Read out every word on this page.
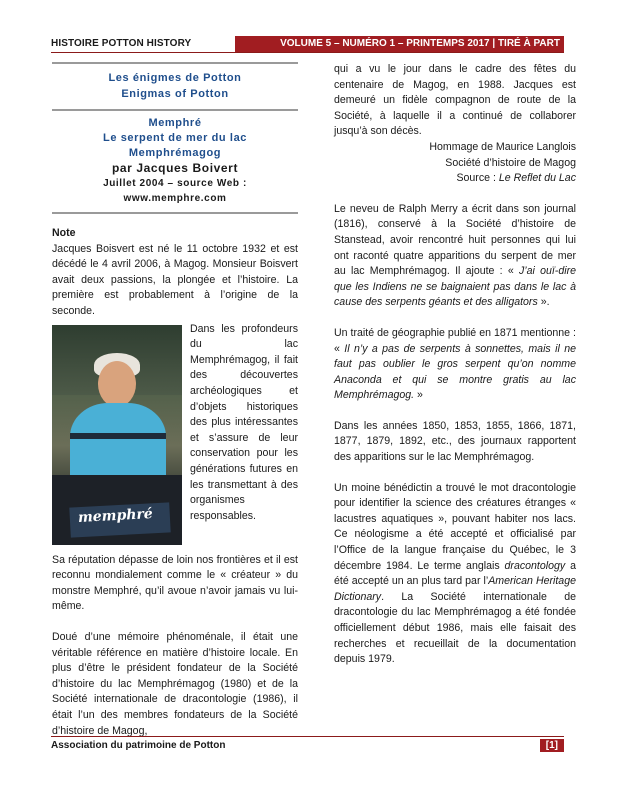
HISTOIRE POTTON HISTORY	VOLUME 5 – NUMÉRO 1 – PRINTEMPS 2017 | TIRÉ À PART
Les énigmes de Potton
Enigmas of Potton
Memphré
Le serpent de mer du lac
Memphrémagog
par Jacques Boivert
Juillet 2004 – source Web :
www.memphre.com

Note

Jacques Boisvert est né le 11 octobre 1932 et est décédé le 4 avril 2006, à Magog. Monsieur Boisvert avait deux passions, la plongée et l’histoire. La première est probablement à l’origine de la seconde.

memphré

Dans les profondeurs du lac Memphrémagog, il fait des découvertes archéologiques et d’objets historiques des plus intéressantes et s’assure de leur conservation pour les générations futures en les transmettant à des organismes responsables.

Sa réputation dépasse de loin nos frontières et il est reconnu mondialement comme le « créateur » du monstre Memphré, qu’il avoue n’avoir jamais vu lui-même.

Doué d’une mémoire phénoménale, il était une véritable référence en matière d’histoire locale. En plus d’être le président fondateur de la Société d’histoire du lac Memphrémagog (1980) et de la Société internationale de dracontologie (1986), il était l’un des membres fondateurs de la Société d’histoire de Magog,

qui a vu le jour dans le cadre des fêtes du centenaire de Magog, en 1988. Jacques est demeuré un fidèle compagnon de route de la Société, à laquelle il a continué de collaborer jusqu’à son décès.

Hommage de Maurice Langlois
Société d’histoire de Magog
Source : Le Reflet du Lac

Le neveu de Ralph Merry a écrit dans son journal (1816), conservé à la Société d’histoire de Stanstead, avoir rencontré huit personnes qui lui ont raconté quatre apparitions du serpent de mer au lac Memphrémagog. Il ajoute : « J’ai ouï-dire que les Indiens ne se baignaient pas dans le lac à cause des serpents géants et des alligators ».

Un traité de géographie publié en 1871 mentionne : « Il n’y a pas de serpents à sonnettes, mais il ne faut pas oublier le gros serpent qu’on nomme Anaconda et qui se montre gratis au lac Memphrémagog. »

Dans les années 1850, 1853, 1855, 1866, 1871, 1877, 1879, 1892, etc., des journaux rapportent des apparitions sur le lac Memphrémagog.

Un moine bénédictin a trouvé le mot dracontologie pour identifier la science des créatures étranges « lacustres aquatiques », pouvant habiter nos lacs. Ce néologisme a été accepté et officialisé par l’Office de la langue française du Québec, le 3 décembre 1984. Le terme anglais dracontology a été accepté un an plus tard par l’American Heritage Dictionary. La Société internationale de dracontologie du lac Memphrémagog a été fondée officiellement début 1986, mais elle faisait des recherches et recueillait de la documentation depuis 1979.

Association du patrimoine de Potton	[1]
